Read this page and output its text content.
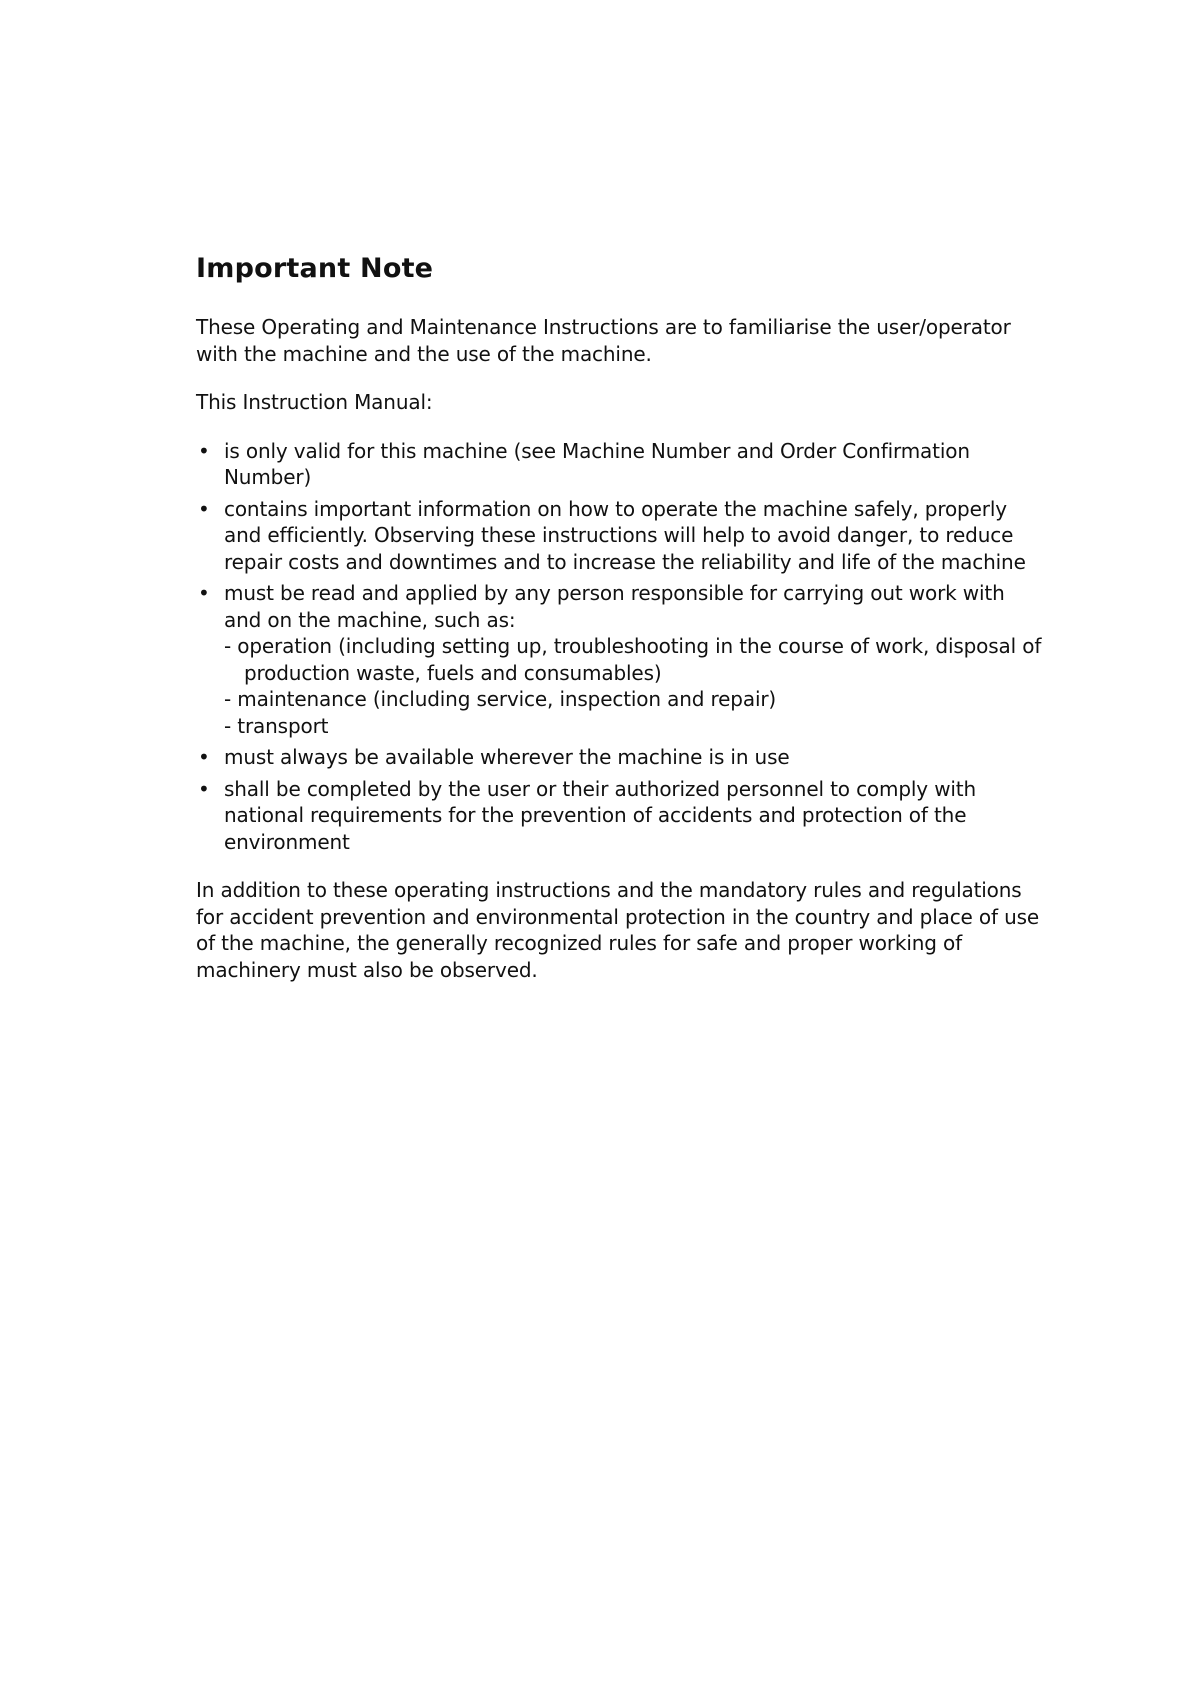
Important Note

These Operating and Maintenance Instructions are to familiarise the user/operator with the machine and the use of the machine.

This Instruction Manual:

• is only valid for this machine (see Machine Number and Order Confirmation Number)
• contains important information on how to operate the machine safely, properly and efficiently. Observing these instructions will help to avoid danger, to reduce repair costs and downtimes and to increase the reliability and life of the machine
• must be read and applied by any person responsible for carrying out work with and on the machine, such as:
- operation (including setting up, troubleshooting in the course of work, disposal of production waste, fuels and consumables)
- maintenance (including service, inspection and repair)
- transport
• must always be available wherever the machine is in use
• shall be completed by the user or their authorized personnel to comply with national requirements for the prevention of accidents and protection of the environment

In addition to these operating instructions and the mandatory rules and regulations for accident prevention and environmental protection in the country and place of use of the machine, the generally recognized rules for safe and proper working of machinery must also be observed.
